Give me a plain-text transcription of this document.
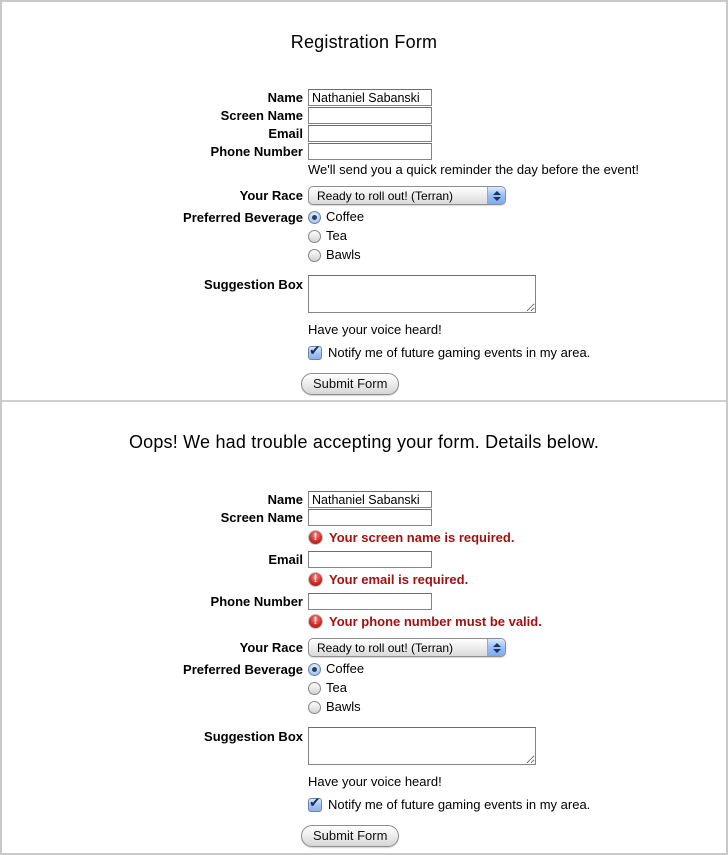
Registration Form
Name
Nathaniel Sabanski
Screen Name
Email
Phone Number
We'll send you a quick reminder the day before the event!
Your Race	Ready to roll out! (Terran)
Preferred Beverage Coffee
Tea
Bawls
Suggestion Box
Have your voice heard!
✔ Notify me of future gaming events in my area.
Submit Form
Oops! We had trouble accepting your form. Details below.
Name
Nathaniel Sabanski
Screen Name
! Your screen name is required.
Email
! Your email is required.
Phone Number
! Your phone number must be valid.
Your Race	Ready to roll out! (Terran)
Preferred Beverage Coffee
Tea
Bawls
Suggestion Box
Have your voice heard!
✔ Notify me of future gaming events in my area.
Submit Form
